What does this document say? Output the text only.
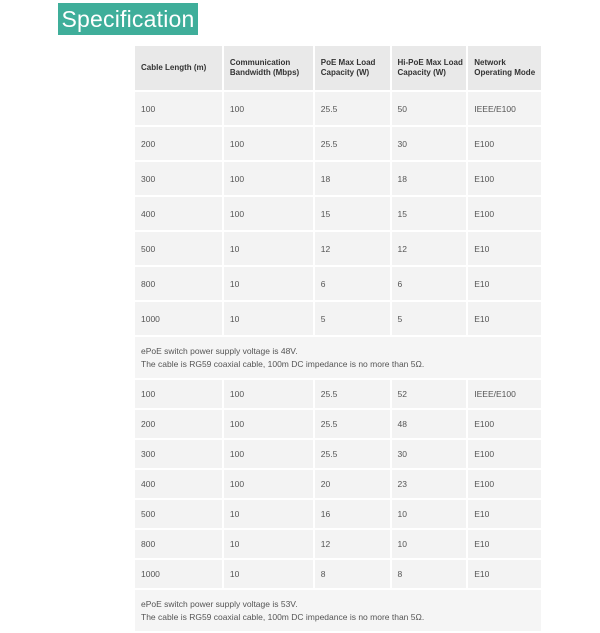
Specification
Cable Length (m)	Communication Bandwidth (Mbps)	PoE Max Load Capacity (W)	Hi-PoE Max Load Capacity (W)	Network Operating Mode
100	100	25.5	50	IEEE/E100
200	100	25.5	30	E100
300	100	18	18	E100
400	100	15	15	E100
500	10	12	12	E10
800	10	6	6	E10
1000	10	5	5	E10

ePoE switch power supply voltage is 48V.
The cable is RG59 coaxial cable, 100m DC impedance is no more than 5Ω.				

100	100	25.5	52	IEEE/E100
200	100	25.5	48	E100
300	100	25.5	30	E100
400	100	20	23	E100
500	10	16	10	E10
800	10	12	10	E10
1000	10	8	8	E10

ePoE switch power supply voltage is 53V.
The cable is RG59 coaxial cable, 100m DC impedance is no more than 5Ω.				
